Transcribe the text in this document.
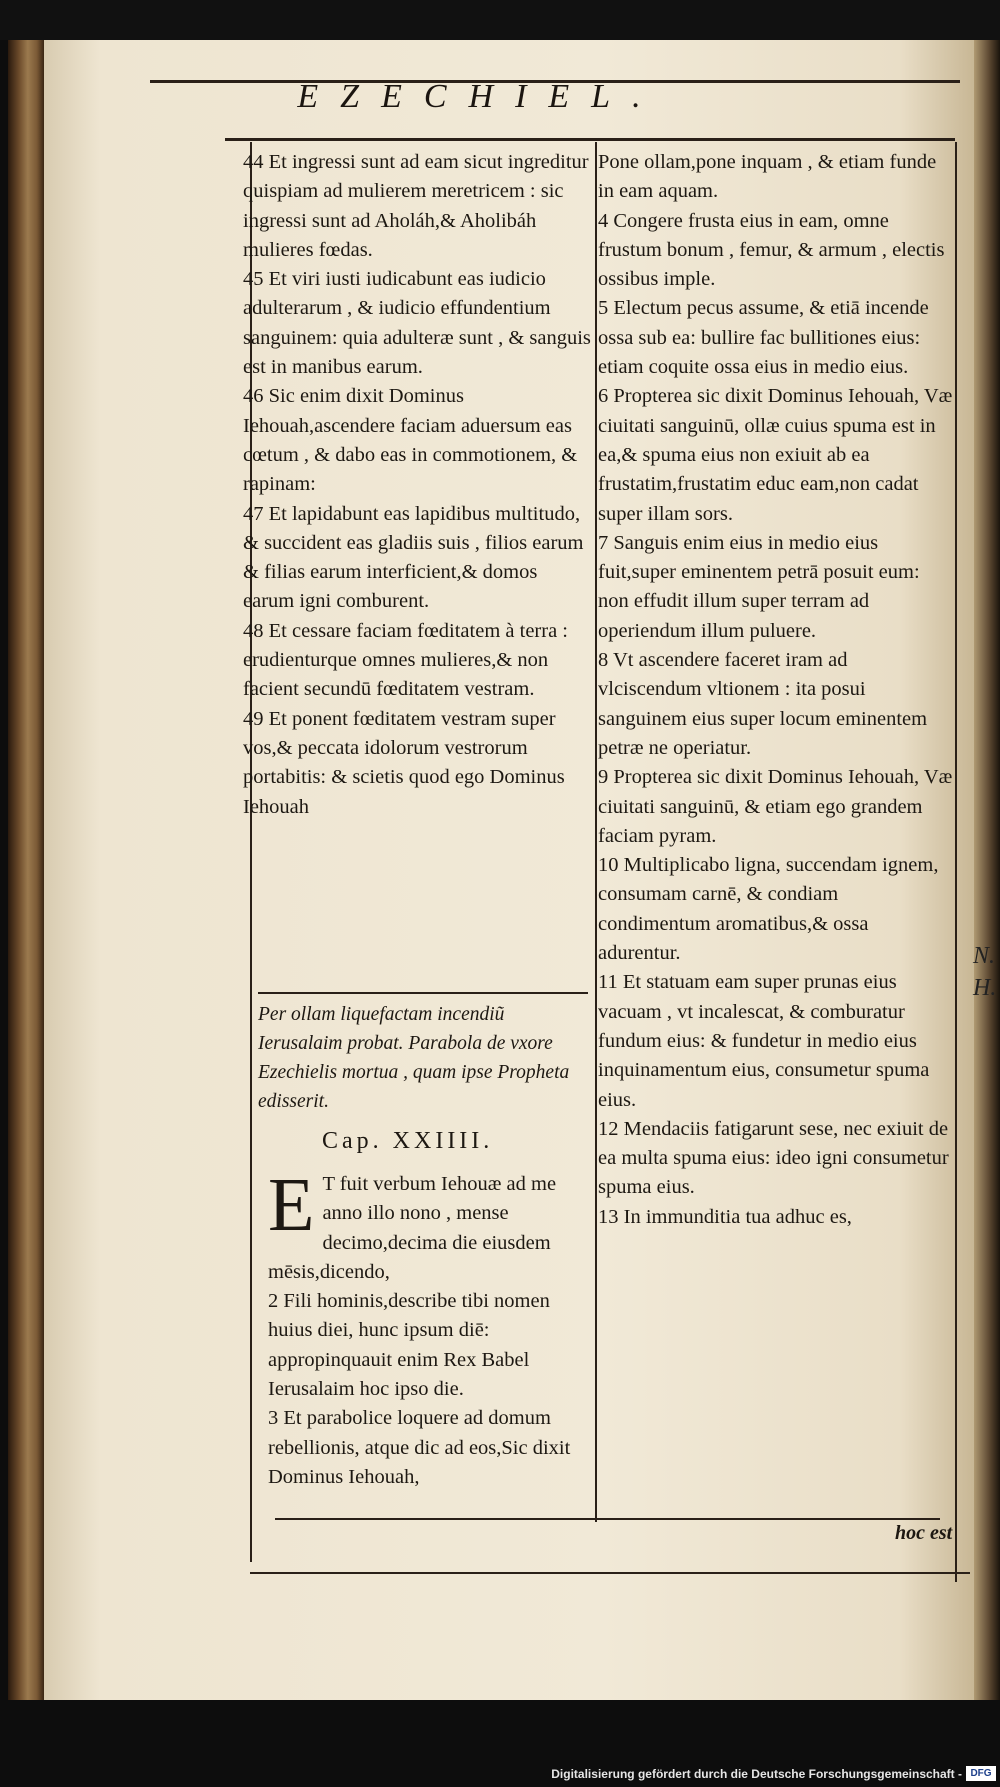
EZECHIEL.

44 Et ingressi sunt ad eam sicut ingreditur quispiam ad mulierem meretricem : sic ingressi sunt ad Aholáh,& Aholibáh mulieres fœdas.

45 Et viri iusti iudicabunt eas iudicio adulterarum , & iudicio effundentium sanguinem: quia adulteræ sunt , & sanguis est in manibus earum.

46 Sic enim dixit Dominus Iehouah,ascendere faciam aduersum eas cœtum , & dabo eas in commotionem, & rapinam:

47 Et lapidabunt eas lapidibus multitudo, & succident eas gladiis suis , filios earum & filias earum interficient,& domos earum igni comburent.

48 Et cessare faciam fœditatem à terra : erudienturque omnes mulieres,& non facient secundū fœditatem vestram.

49 Et ponent fœditatem vestram super vos,& peccata idolorum vestrorum portabitis: & scietis quod ego Dominus Iehouah

Per ollam liquefactam incendiũ Ierusalaim probat. Parabola de vxore Ezechielis mortua , quam ipse Propheta edisserit.
Cap. XXIIII.

E T fuit verbum Iehouæ ad me anno illo nono , mense decimo,decima die eiusdem mēsis,dicendo,

2 Fili hominis,describe tibi nomen huius diei, hunc ipsum diē: appropinquauit enim Rex Babel Ierusalaim hoc ipso die.

3 Et parabolice loquere ad domum rebellionis, atque dic ad eos,Sic dixit Dominus Iehouah,

Pone ollam,pone inquam , & etiam funde in eam aquam.

4 Congere frusta eius in eam, omne frustum bonum , femur, & armum , electis ossibus imple.

5 Electum pecus assume, & etiā incende ossa sub ea: bullire fac bullitiones eius: etiam coquite ossa eius in medio eius.

6 Propterea sic dixit Dominus Iehouah, Væ ciuitati sanguinū, ollæ cuius spuma est in ea,& spuma eius non exiuit ab ea frustatim,frustatim educ eam,non cadat super illam sors.

7 Sanguis enim eius in medio eius fuit,super eminentem petrā posuit eum: non effudit illum super terram ad operiendum illum puluere.

8 Vt ascendere faceret iram ad vlciscendum vltionem : ita posui sanguinem eius super locum eminentem petræ ne operiatur.

9 Propterea sic dixit Dominus Iehouah, Væ ciuitati sanguinū, & etiam ego grandem faciam pyram.

10 Multiplicabo ligna, succendam ignem, consumam carnē, & condiam condimentum aromatibus,& ossa adurentur.

11 Et statuam eam super prunas eius vacuam , vt incalescat, & comburatur fundum eius: & fundetur in medio eius inquinamentum eius, consumetur spuma eius.

12 Mendaciis fatigarunt sese, nec exiuit de ea multa spuma eius: ideo igni consumetur spuma eius.

13 In immunditia tua adhuc es,

N.
H.
hoc est
Digitalisierung gefördert durch die Deutsche Forschungsgemeinschaft - DFG
